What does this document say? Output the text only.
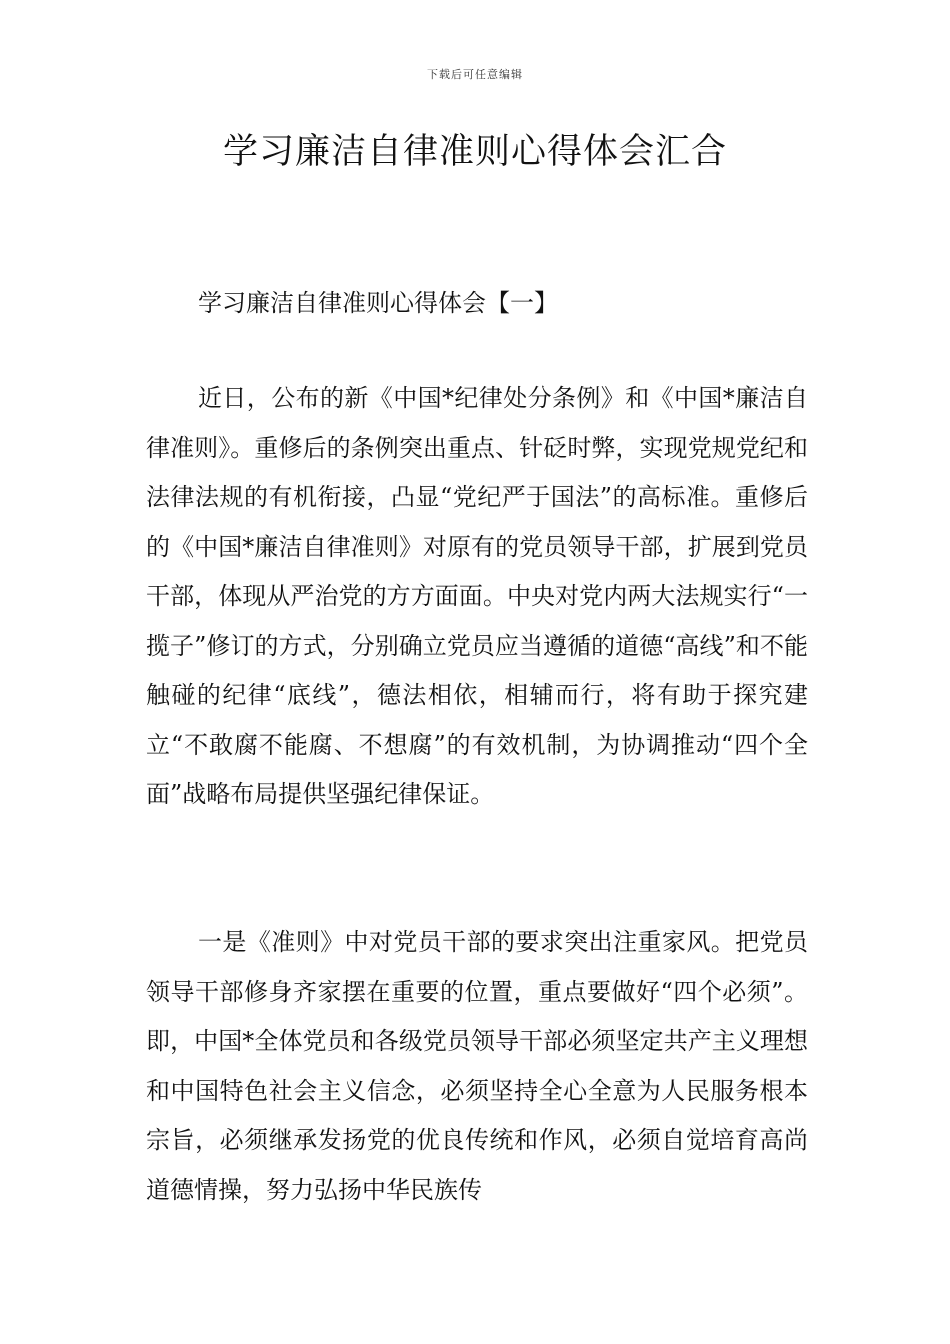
下载后可任意编辑
学习廉洁自律准则心得体会汇合

学习廉洁自律准则心得体会【一】

近日，公布的新《中国*纪律处分条例》和《中国*廉洁自律准则》。重修后的条例突出重点、针砭时弊，实现党规党纪和法律法规的有机衔接，凸显“党纪严于国法”的高标准。重修后的《中国*廉洁自律准则》对原有的党员领导干部，扩展到党员干部，体现从严治党的方方面面。中央对党内两大法规实行“一揽子”修订的方式，分别确立党员应当遵循的道德“高线”和不能触碰的纪律“底线”，德法相依，相辅而行，将有助于探究建立“不敢腐不能腐、不想腐”的有效机制，为协调推动“四个全面”战略布局提供坚强纪律保证。

一是《准则》中对党员干部的要求突出注重家风。把党员领导干部修身齐家摆在重要的位置，重点要做好“四个必须”。即，中国*全体党员和各级党员领导干部必须坚定共产主义理想和中国特色社会主义信念，必须坚持全心全意为人民服务根本宗旨，必须继承发扬党的优良传统和作风，必须自觉培育高尚道德情操，努力弘扬中华民族传
